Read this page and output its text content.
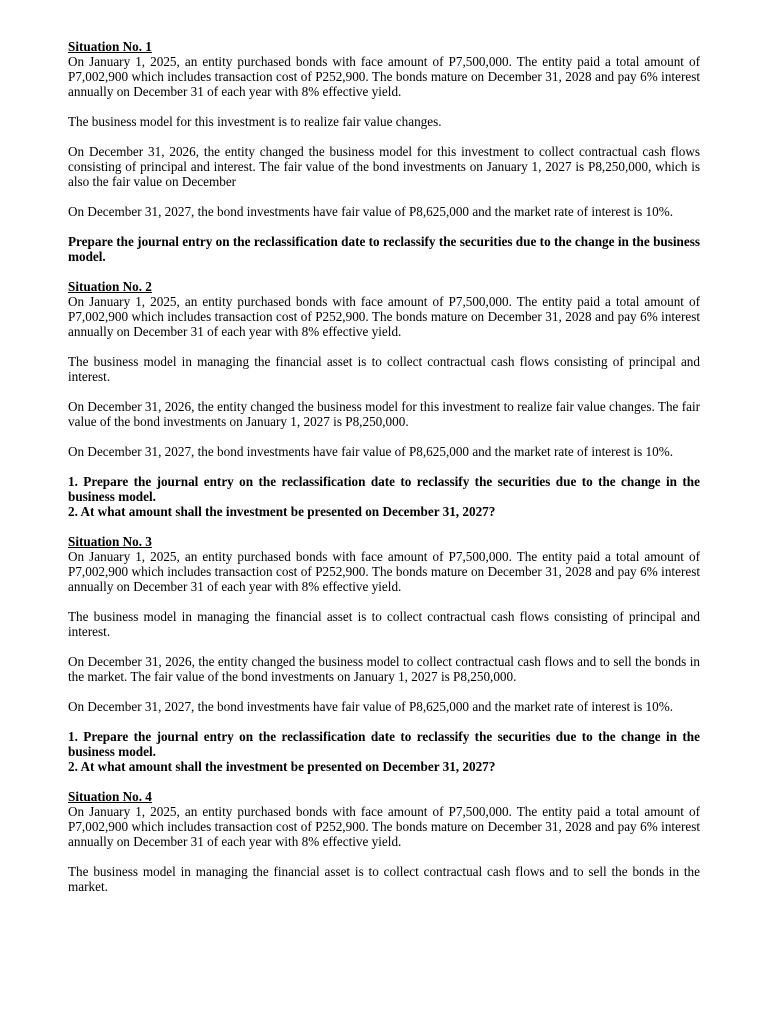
Situation No. 1

On January 1, 2025, an entity purchased bonds with face amount of P7,500,000. The entity paid a total amount of P7,002,900 which includes transaction cost of P252,900. The bonds mature on December 31, 2028 and pay 6% interest annually on December 31 of each year with 8% effective yield.

The business model for this investment is to realize fair value changes.

On December 31, 2026, the entity changed the business model for this investment to collect contractual cash flows consisting of principal and interest. The fair value of the bond investments on January 1, 2027 is P8,250,000, which is also the fair value on December

On December 31, 2027, the bond investments have fair value of P8,625,000 and the market rate of interest is 10%.

Prepare the journal entry on the reclassification date to reclassify the securities due to the change in the business model.

Situation No. 2

On January 1, 2025, an entity purchased bonds with face amount of P7,500,000. The entity paid a total amount of P7,002,900 which includes transaction cost of P252,900. The bonds mature on December 31, 2028 and pay 6% interest annually on December 31 of each year with 8% effective yield.

The business model in managing the financial asset is to collect contractual cash flows consisting of principal and interest.

On December 31, 2026, the entity changed the business model for this investment to realize fair value changes. The fair value of the bond investments on January 1, 2027 is P8,250,000.

On December 31, 2027, the bond investments have fair value of P8,625,000 and the market rate of interest is 10%.

1. Prepare the journal entry on the reclassification date to reclassify the securities due to the change in the business model.

2. At what amount shall the investment be presented on December 31, 2027?

Situation No. 3

On January 1, 2025, an entity purchased bonds with face amount of P7,500,000. The entity paid a total amount of P7,002,900 which includes transaction cost of P252,900. The bonds mature on December 31, 2028 and pay 6% interest annually on December 31 of each year with 8% effective yield.

The business model in managing the financial asset is to collect contractual cash flows consisting of principal and interest.

On December 31, 2026, the entity changed the business model to collect contractual cash flows and to sell the bonds in the market. The fair value of the bond investments on January 1, 2027 is P8,250,000.

On December 31, 2027, the bond investments have fair value of P8,625,000 and the market rate of interest is 10%.

1. Prepare the journal entry on the reclassification date to reclassify the securities due to the change in the business model.

2. At what amount shall the investment be presented on December 31, 2027?

Situation No. 4

On January 1, 2025, an entity purchased bonds with face amount of P7,500,000. The entity paid a total amount of P7,002,900 which includes transaction cost of P252,900. The bonds mature on December 31, 2028 and pay 6% interest annually on December 31 of each year with 8% effective yield.

The business model in managing the financial asset is to collect contractual cash flows and to sell the bonds in the market.
